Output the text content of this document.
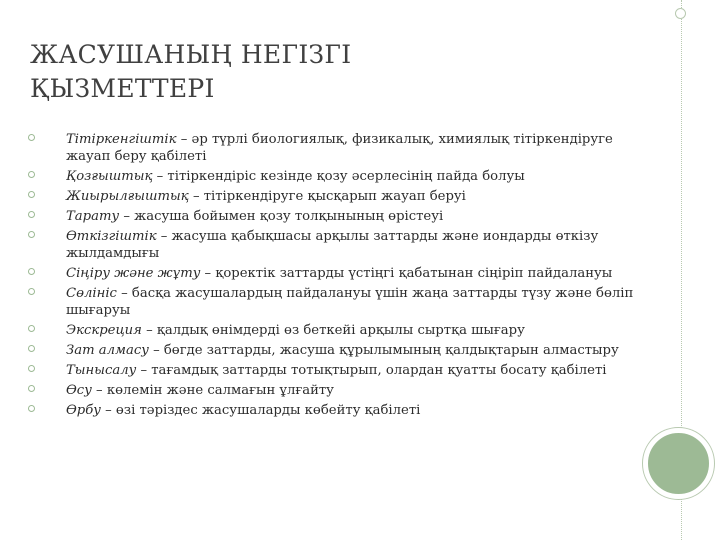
ЖАСУШАНЫҢ НЕГІЗГІ
ҚЫЗМЕТТЕРІ
Тітіркенгіштік – әр түрлі биологиялық, физикалық, химиялық тітіркендіруге жауап беру қабілеті
Қозғыштық – тітіркендіріс кезінде қозу әсерлесінің пайда болуы
Жиырылғыштық – тітіркендіруге қысқарып жауап беруі
Тарату – жасуша бойымен қозу толқынының өрістеуі
Өткізгіштік – жасуша қабықшасы арқылы заттарды және иондарды өткізу жылдамдығы
Сіңіру және жұту – қоректік заттарды үстіңгі қабатынан сіңіріп пайдалануы
Сөлініс – басқа жасушалардың пайдалануы үшін жаңа заттарды түзу және бөліп шығаруы
Экскреция – қалдық өнімдерді өз беткейі арқылы сыртқа шығару
Зат алмасу – бөгде заттарды, жасуша құрылымының қалдықтарын алмастыру
Тынысалу – тағамдық заттарды тотықтырып, олардан қуатты босату қабілеті
Өсу – көлемін және салмағын ұлғайту
Өрбу – өзі тәріздес жасушаларды көбейту қабілеті
